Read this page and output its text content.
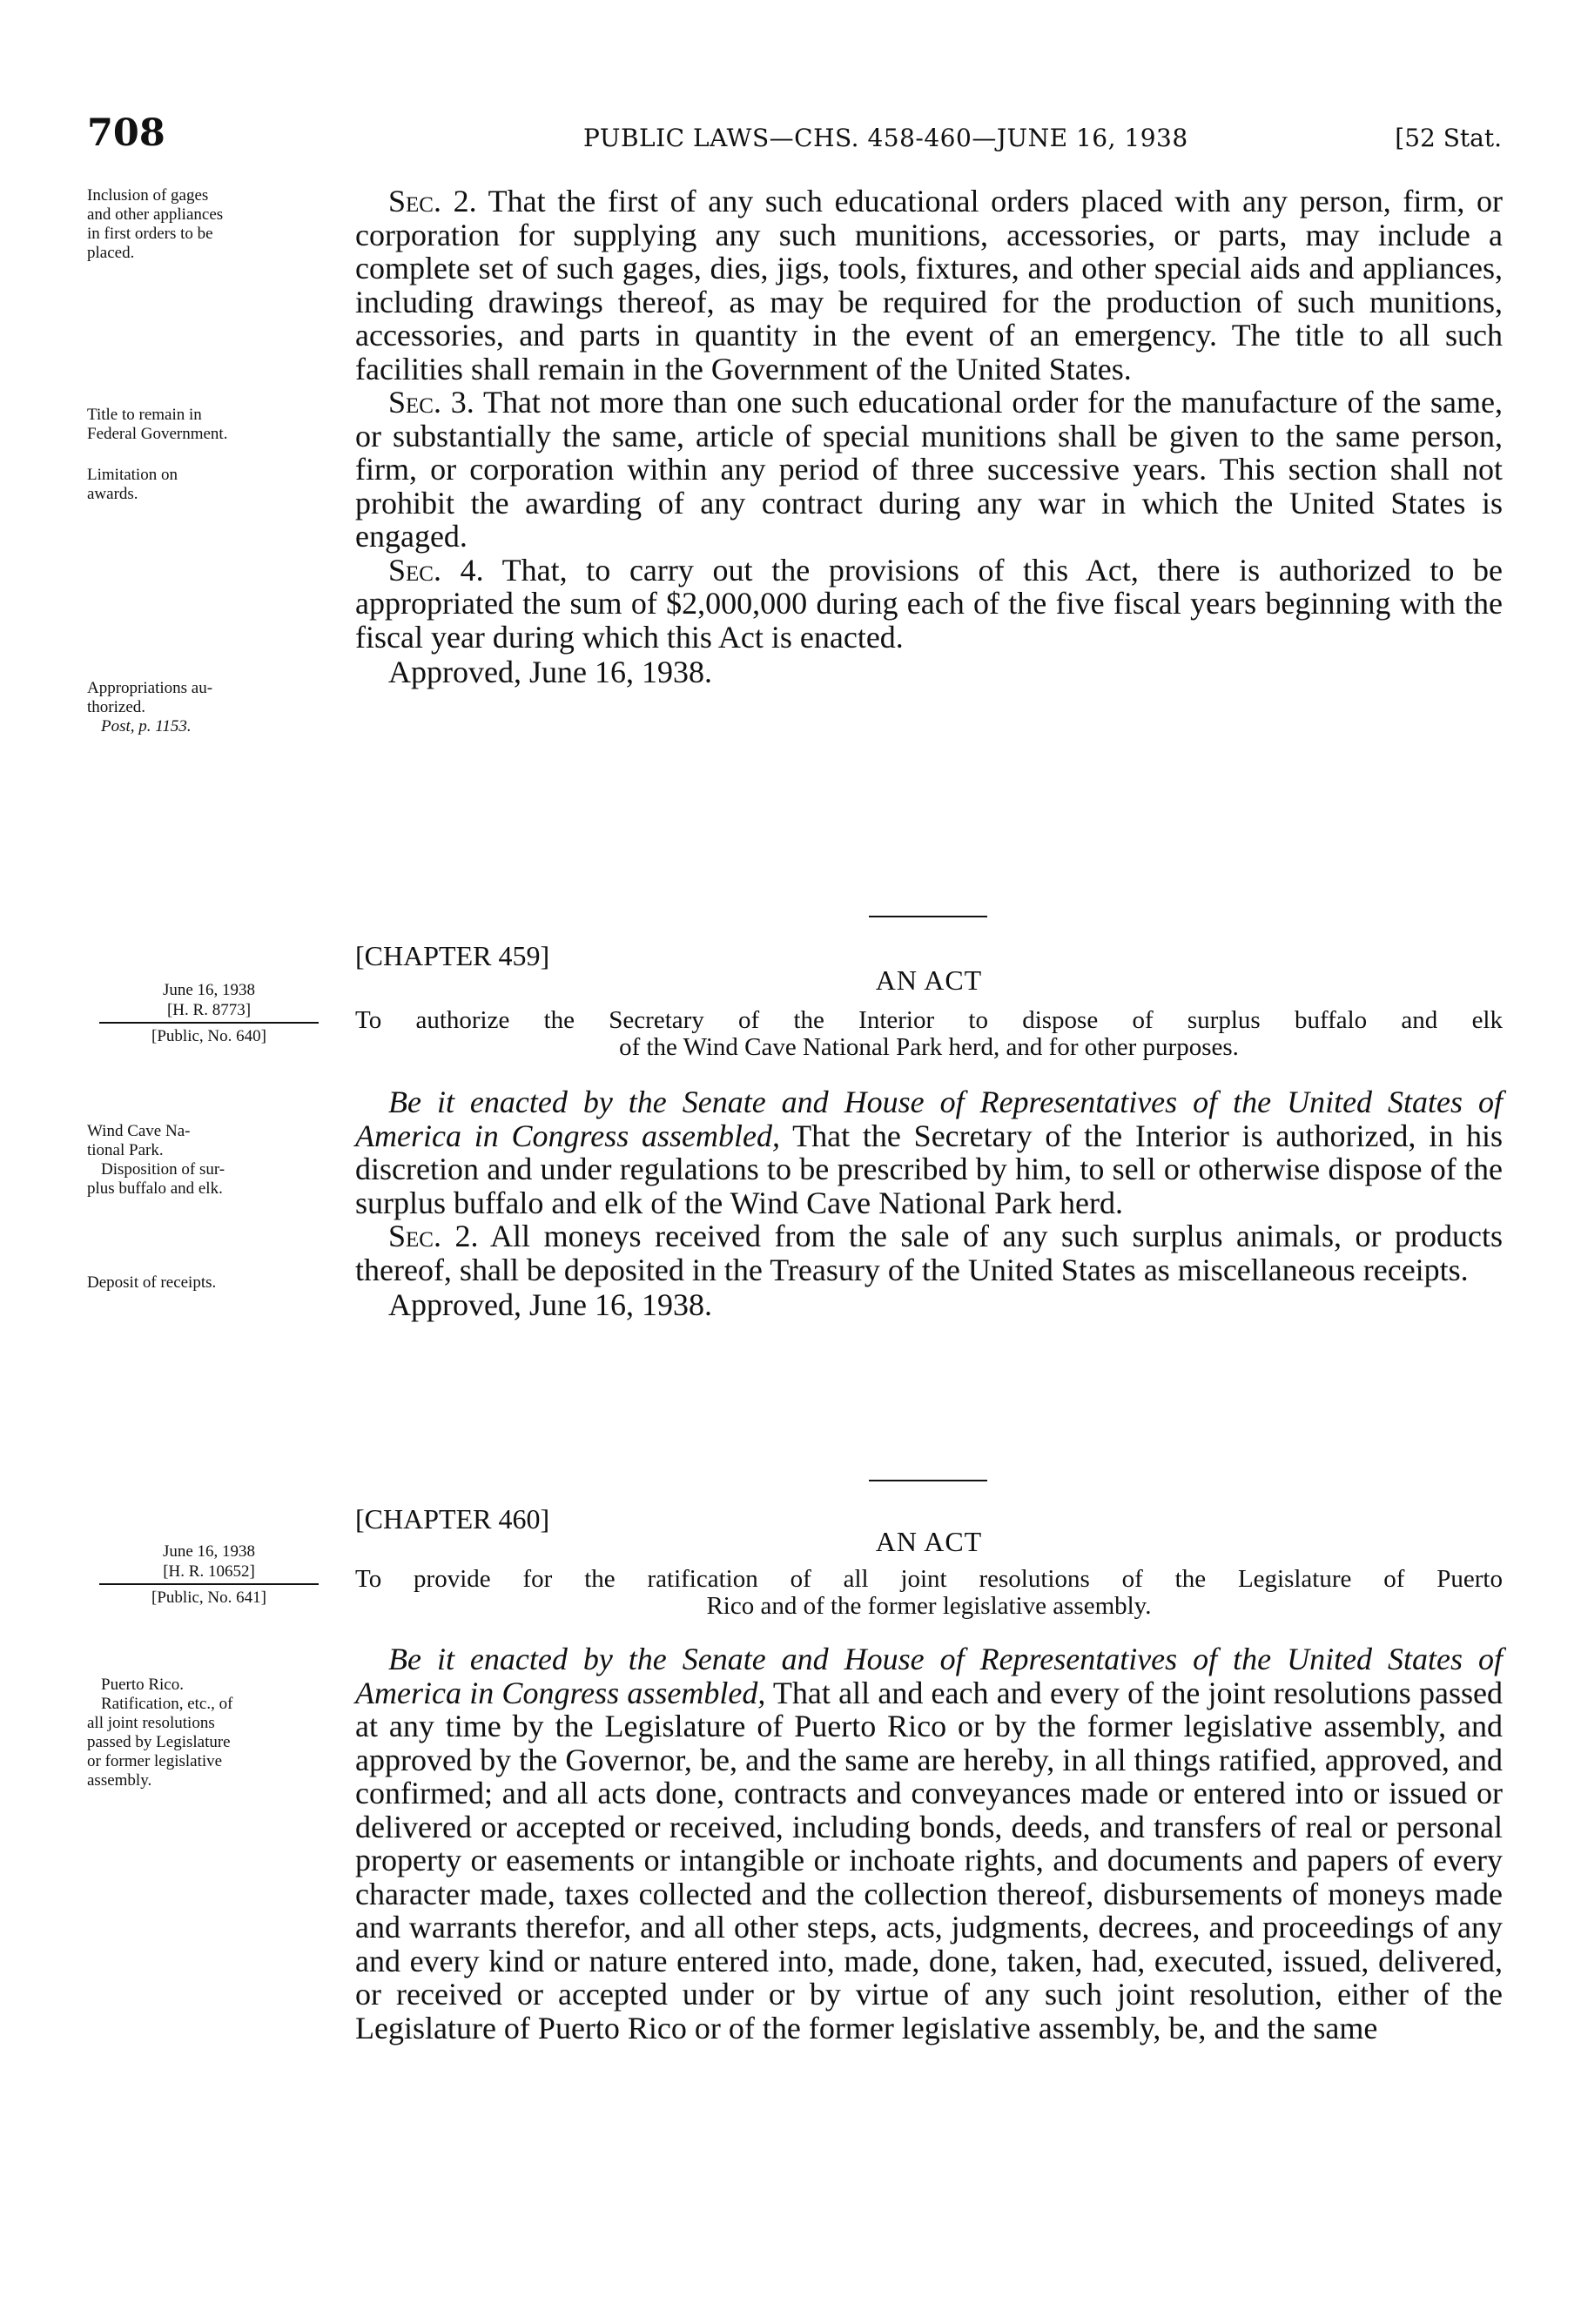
708	PUBLIC LAWS—CHS. 458-460—JUNE 16, 1938	[52 Stat.
Inclusion of gages
and other appliances
in first orders to be
placed.
Title to remain in
Federal Government.
Limitation on
awards.
Appropriations au-
thorized.
Post, p. 1153.

Sec. 2. That the first of any such educational orders placed with any person, firm, or corporation for supplying any such munitions, accessories, or parts, may include a complete set of such gages, dies, jigs, tools, fixtures, and other special aids and appliances, including drawings thereof, as may be required for the production of such munitions, accessories, and parts in quantity in the event of an emergency. The title to all such facilities shall remain in the Government of the United States.

Sec. 3. That not more than one such educational order for the manufacture of the same, or substantially the same, article of special munitions shall be given to the same person, firm, or corporation within any period of three successive years. This section shall not prohibit the awarding of any contract during any war in which the United States is engaged.

Sec. 4. That, to carry out the provisions of this Act, there is authorized to be appropriated the sum of $2,000,000 during each of the five fiscal years beginning with the fiscal year during which this Act is enacted.

Approved, June 16, 1938.
[CHAPTER 459]
AN ACT
To authorize the Secretary of the Interior to dispose of surplus buffalo and elk
of the Wind Cave National Park herd, and for other purposes.
June 16, 1938
[H. R. 8773]
[Public, No. 640]
Wind Cave Na-
tional Park.
Disposition of sur-
plus buffalo and elk.
Deposit of receipts.

Be it enacted by the Senate and House of Representatives of the United States of America in Congress assembled, That the Secretary of the Interior is authorized, in his discretion and under regulations to be prescribed by him, to sell or otherwise dispose of the surplus buffalo and elk of the Wind Cave National Park herd.

Sec. 2. All moneys received from the sale of any such surplus animals, or products thereof, shall be deposited in the Treasury of the United States as miscellaneous receipts.

Approved, June 16, 1938.
[CHAPTER 460]
AN ACT
To provide for the ratification of all joint resolutions of the Legislature of Puerto
Rico and of the former legislative assembly.
June 16, 1938
[H. R. 10652]
[Public, No. 641]
Puerto Rico.
Ratification, etc., of
all joint resolutions
passed by Legislature
or former legislative
assembly.

Be it enacted by the Senate and House of Representatives of the United States of America in Congress assembled, That all and each and every of the joint resolutions passed at any time by the Legislature of Puerto Rico or by the former legislative assembly, and approved by the Governor, be, and the same are hereby, in all things ratified, approved, and confirmed; and all acts done, contracts and conveyances made or entered into or issued or delivered or accepted or received, including bonds, deeds, and transfers of real or personal property or easements or intangible or inchoate rights, and documents and papers of every character made, taxes collected and the collection thereof, disbursements of moneys made and warrants therefor, and all other steps, acts, judgments, decrees, and proceedings of any and every kind or nature entered into, made, done, taken, had, executed, issued, delivered, or received or accepted under or by virtue of any such joint resolution, either of the Legislature of Puerto Rico or of the former legislative assembly, be, and the same
